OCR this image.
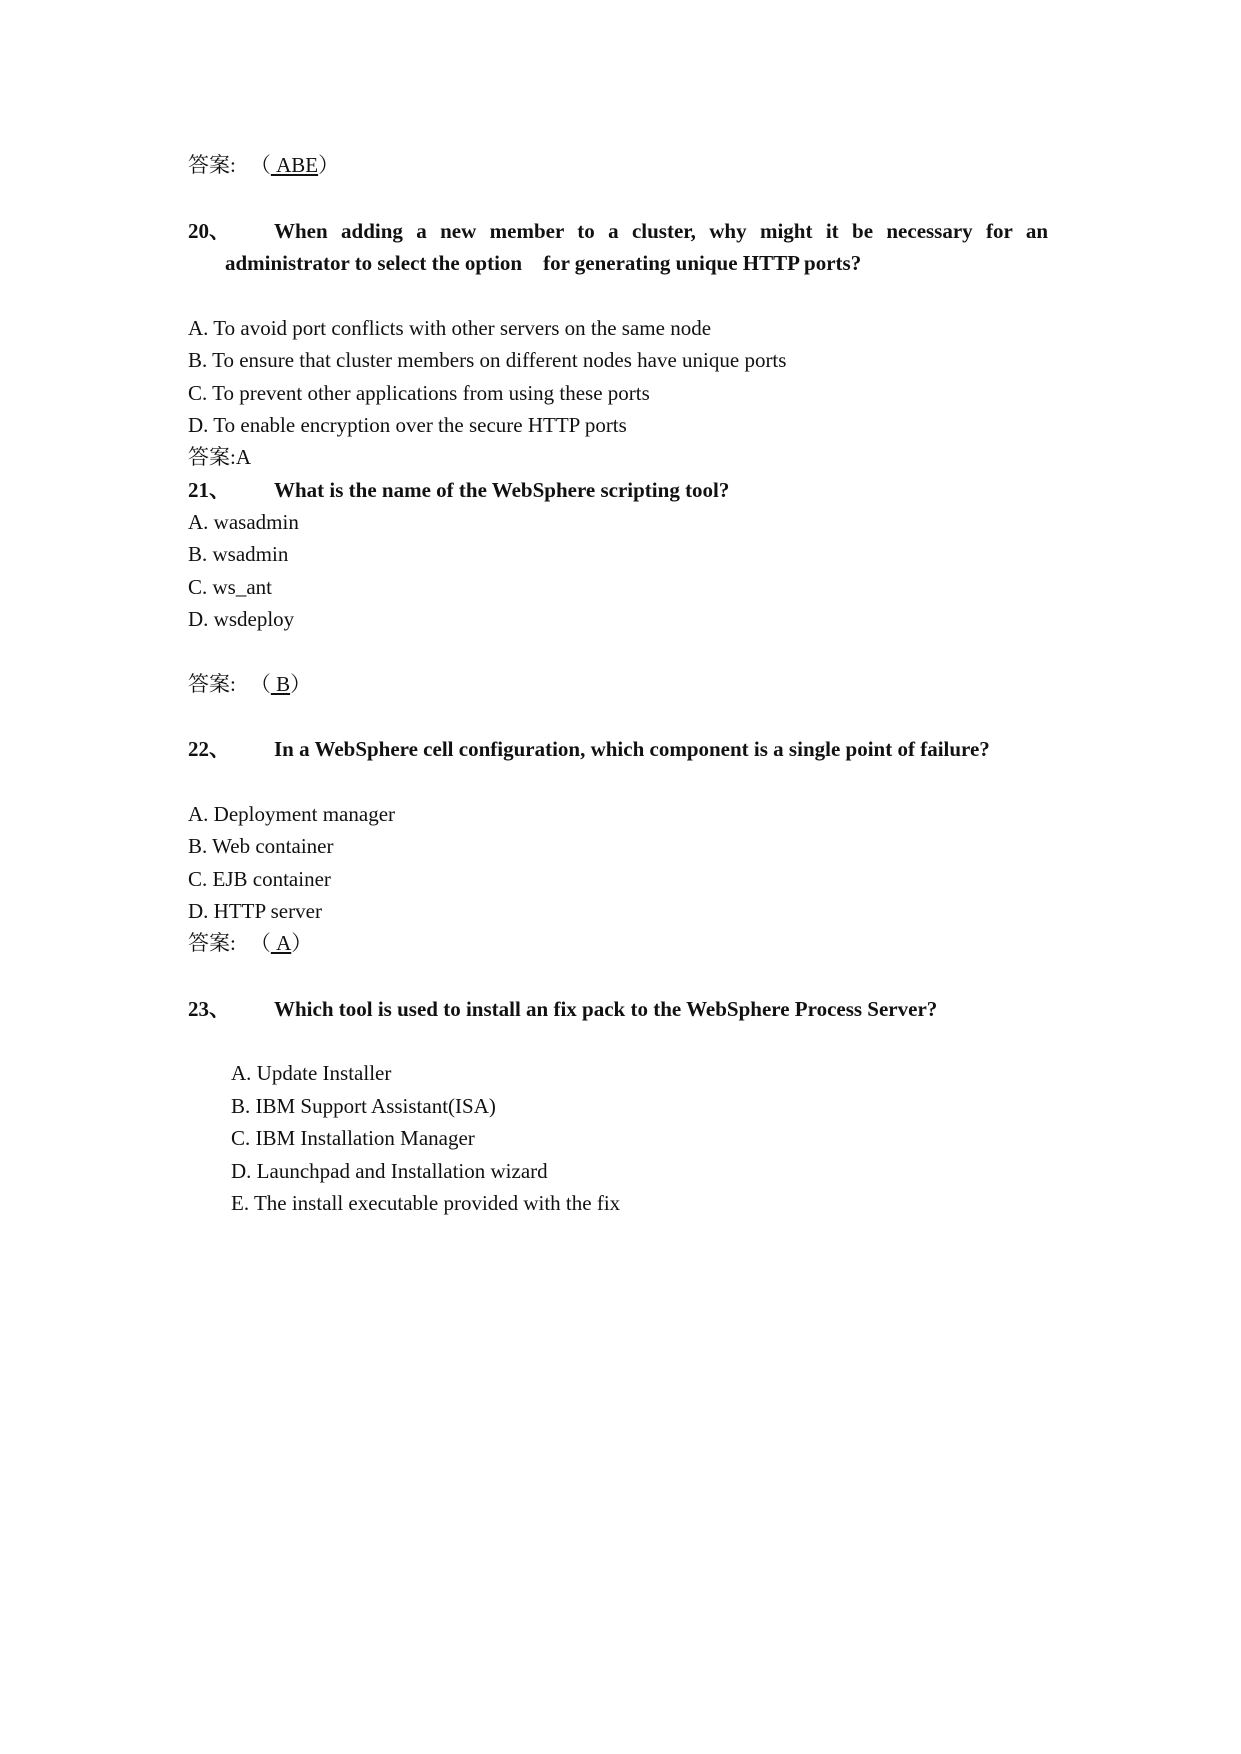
答案: （ ABE）
20、 When adding a new member to a cluster, why might it be necessary for an
administrator to select the option    for generating unique HTTP ports?
A. To avoid port conflicts with other servers on the same node
B. To ensure that cluster members on different nodes have unique ports
C. To prevent other applications from using these ports
D. To enable encryption over the secure HTTP ports
答案:A
21、 What is the name of the WebSphere scripting tool?
A. wasadmin
B. wsadmin
C. ws_ant
D. wsdeploy
答案: （ B）
22、 In a WebSphere cell configuration, which component is a single point of failure?
A. Deployment manager
B. Web container
C. EJB container
D. HTTP server
答案: （ A）
23、 Which tool is used to install an fix pack to the WebSphere Process Server?
A. Update Installer
B. IBM Support Assistant(ISA)
C. IBM Installation Manager
D. Launchpad and Installation wizard
E. The install executable provided with the fix
